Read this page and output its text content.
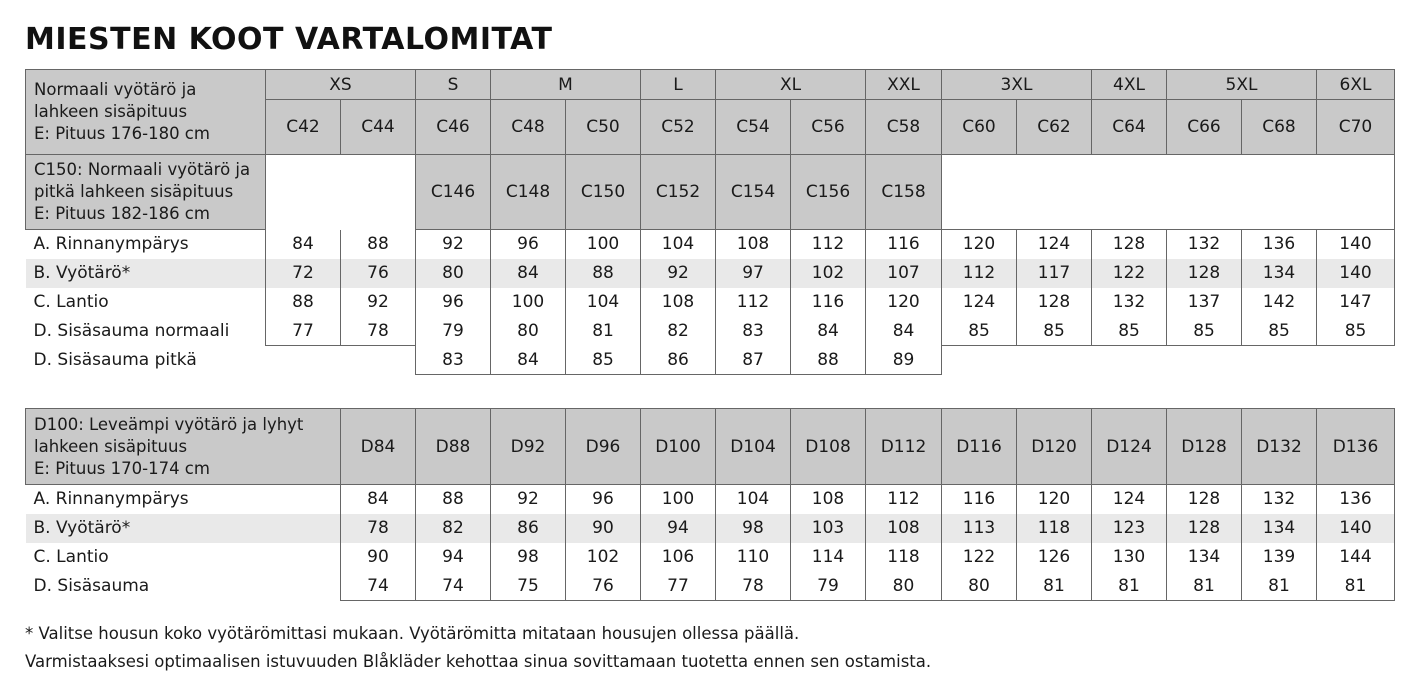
MIESTEN KOOT VARTALOMITAT
Normaali vyötärö ja
lahkeen sisäpituus
E: Pituus 176-180 cm	XS		S	M		L	XL		XXL	3XL		4XL	5XL		6XL
	C42	C44	C46	C48	C50	C52	C54	C56	C58	C60	C62	C64	C66	C68	C70
C150: Normaali vyötärö ja
pitkä lahkeen sisäpituus
E: Pituus 182-186 cm			C146	C148	C150	C152	C154	C156	C158						
A. Rinnanympärys	84	88	92	96	100	104	108	112	116	120	124	128	132	136	140
B. Vyötärö*	72	76	80	84	88	92	97	102	107	112	117	122	128	134	140
C. Lantio	88	92	96	100	104	108	112	116	120	124	128	132	137	142	147
D. Sisäsauma normaali	77	78	79	80	81	82	83	84	84	85	85	85	85	85	85
D. Sisäsauma pitkä			83	84	85	86	87	88	89						
D100: Leveämpi vyötärö ja lyhyt
lahkeen sisäpituus
E: Pituus 170-174 cm	D84	D88	D92	D96	D100	D104	D108	D112	D116	D120	D124	D128	D132	D136
A. Rinnanympärys	84	88	92	96	100	104	108	112	116	120	124	128	132	136
B. Vyötärö*	78	82	86	90	94	98	103	108	113	118	123	128	134	140
C. Lantio	90	94	98	102	106	110	114	118	122	126	130	134	139	144
D. Sisäsauma	74	74	75	76	77	78	79	80	80	81	81	81	81	81

* Valitse housun koko vyötärömittasi mukaan. Vyötärömitta mitataan housujen ollessa päällä.

Varmistaaksesi optimaalisen istuvuuden Blåkläder kehottaa sinua sovittamaan tuotetta ennen sen ostamista.
